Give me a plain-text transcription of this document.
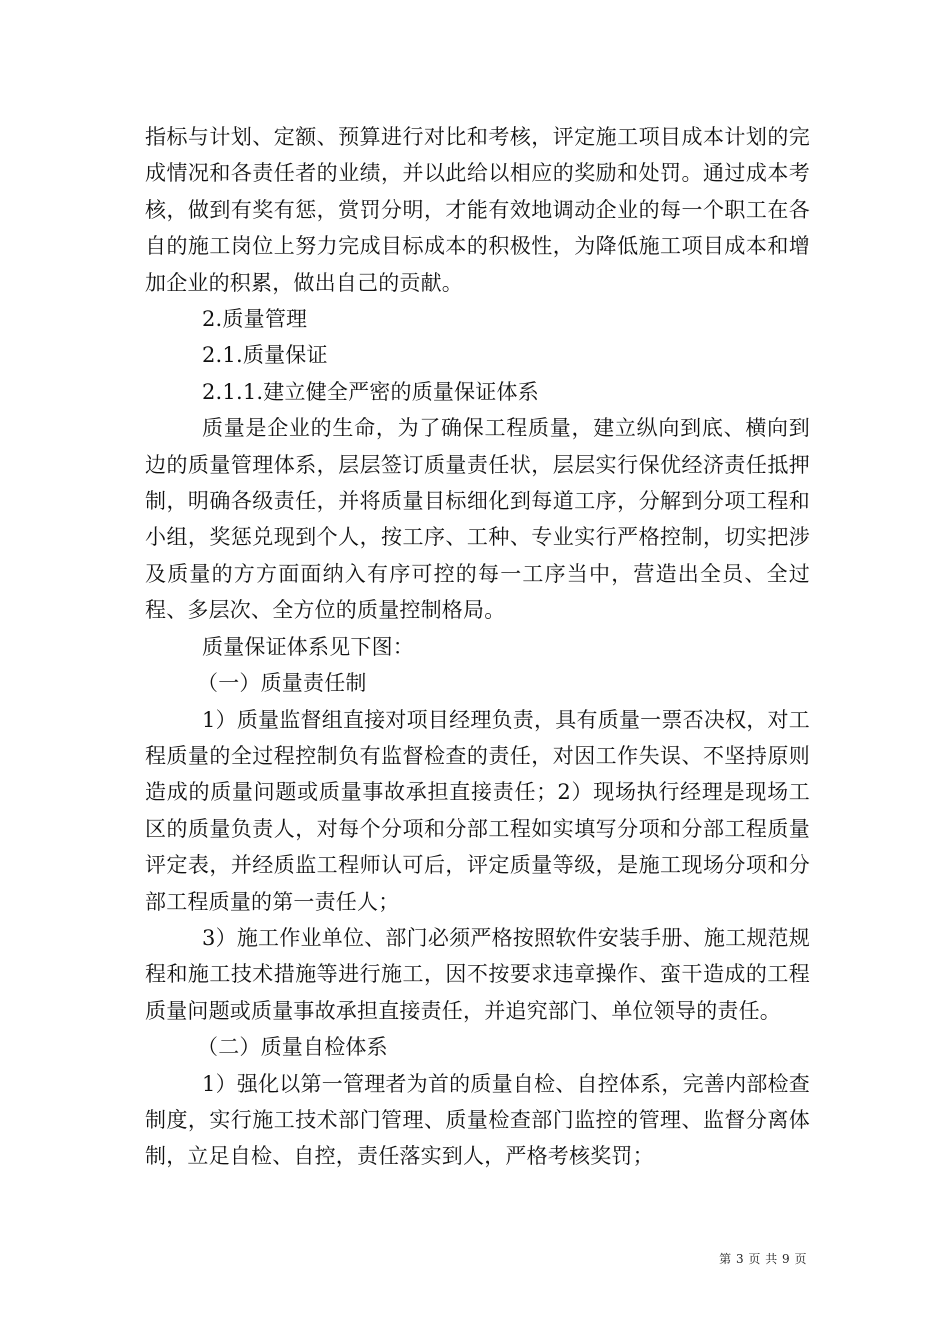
指标与计划、定额、预算进行对比和考核，评定施工项目成本计划的完成情况和各责任者的业绩，并以此给以相应的奖励和处罚。通过成本考核，做到有奖有惩，赏罚分明，才能有效地调动企业的每一个职工在各自的施工岗位上努力完成目标成本的积极性，为降低施工项目成本和增加企业的积累，做出自己的贡献。

2.质量管理

2.1.质量保证

2.1.1.建立健全严密的质量保证体系

质量是企业的生命，为了确保工程质量，建立纵向到底、横向到边的质量管理体系，层层签订质量责任状，层层实行保优经济责任抵押制，明确各级责任，并将质量目标细化到每道工序，分解到分项工程和小组，奖惩兑现到个人，按工序、工种、专业实行严格控制，切实把涉及质量的方方面面纳入有序可控的每一工序当中，营造出全员、全过程、多层次、全方位的质量控制格局。

质量保证体系见下图：

（一）质量责任制

1）质量监督组直接对项目经理负责，具有质量一票否决权，对工程质量的全过程控制负有监督检查的责任，对因工作失误、不坚持原则造成的质量问题或质量事故承担直接责任；2）现场执行经理是现场工区的质量负责人，对每个分项和分部工程如实填写分项和分部工程质量评定表，并经质监工程师认可后，评定质量等级，是施工现场分项和分部工程质量的第一责任人；

3）施工作业单位、部门必须严格按照软件安装手册、施工规范规程和施工技术措施等进行施工，因不按要求违章操作、蛮干造成的工程质量问题或质量事故承担直接责任，并追究部门、单位领导的责任。

（二）质量自检体系

1）强化以第一管理者为首的质量自检、自控体系，完善内部检查制度，实行施工技术部门管理、质量检查部门监控的管理、监督分离体制，立足自检、自控，责任落实到人，严格考核奖罚；

第 3 页 共 9 页
